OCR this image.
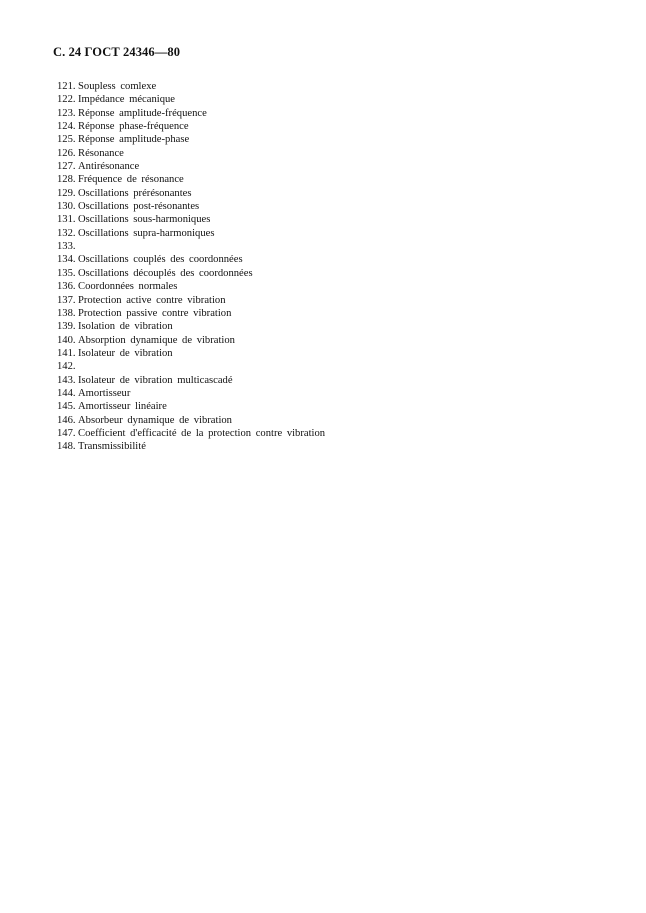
С. 24 ГОСТ 24346—80
121. Soupless comlexe
122. Impédance mécanique
123. Réponse amplitude-fréquence
124. Réponse phase-fréquence
125. Réponse amplitude-phase
126. Résonance
127. Antirésonance
128. Fréquence de résonance
129. Oscillations prérésonantes
130. Oscillations post-résonantes
131. Oscillations sous-harmoniques
132. Oscillations supra-harmoniques
133.
134. Oscillations couplés des coordonnées
135. Oscillations découplés des coordonnées
136. Coordonnées normales
137. Protection active contre vibration
138. Protection passive contre vibration
139. Isolation de vibration
140. Absorption dynamique de vibration
141. Isolateur de vibration
142.
143. Isolateur de vibration multicascadé
144. Amortisseur
145. Amortisseur linéaire
146. Absorbeur dynamique de vibration
147. Coefficient d'efficacité de la protection contre vibration
148. Transmissibilité
